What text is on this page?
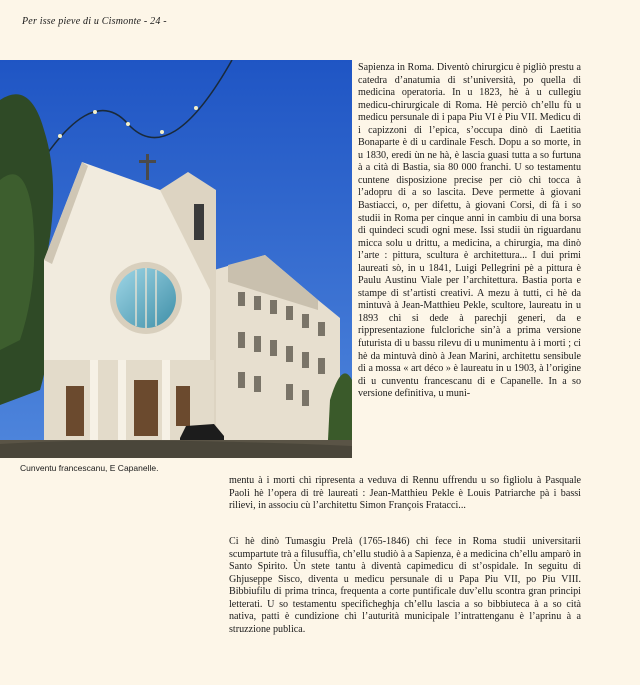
Per isse pieve di u Cismonte - 24 -
Cunventu francescanu, E Capanelle.

Sapienza in Roma. Diventò chirurgicu è pigliò prestu a catedra d’anatumia di st’università, po quella di medicina operatoria. In u 1823, hè à u cullegiu medicu-chirurgicale di Roma. Hè perciò ch’ellu fù u medicu persunale di i papa Piu VI è Piu VII. Medicu di i capizzoni di l’epica, s’occupa dinò di Laetitia Bonaparte è di u cardinale Fesch. Dopu a so morte, in u 1830, eredi ùn ne hà, è lascia guasi tutta a so furtuna à a cità di Bastia, sia 80 000 franchi. U so testamentu cuntene disposizione precise per ciò chì tocca à l’adopru di a so lascita. Deve permette à giovani Bastiacci, o, per difettu, à giovani Corsi, di fà i so studii in Roma per cinque anni in cambiu di una borsa di quindeci scudi ogni mese. Issi studii ùn riguardanu micca solu u drittu, a medicina, a chirurgia, ma dinò l’arte : pittura, scultura è architettura... I dui primi laureati sò, in u 1841, Luigi Pellegrini pè a pittura è Paulu Austinu Viale per l’architettura. Bastia porta e stampe di st’artisti creativi. A mezu à tutti, ci hè da mintuvà à Jean-Matthieu Pekle, scultore, laureatu in u 1893 chì si dede à parechji generi, da e rippresentazione fulcloriche sin’à a prima versione futurista di u bassu rilevu di u munimentu à i morti ; ci hè da mintuvà dinò à Jean Marini, architettu sensibule di a mossa « art déco » è laureatu in u 1903, à l’origine di u cunventu francescanu di e Capanelle. In a so versione definitiva, u muni-

mentu à i morti chì ripresenta a veduva di Rennu uffrendu u so figliolu à Pasquale Paoli hè l’opera di trè laureati : Jean-Matthieu Pekle è Louis Patriarche pà i bassi rilievi, in associu cù l’architettu Simon François Fratacci...

Ci hè dinò Tumasgiu Prelà (1765-1846) chì fece in Roma studii universitarii scumpartute trà a filusuffia, ch’ellu studiò à a Sapienza, è a medicina ch’ellu amparò in Santo Spirito. Ùn stete tantu à diventà capimedicu di st’ospidale. In seguitu di Ghjuseppe Sisco, diventa u medicu persunale di u Papa Piu VII, po Piu VIII. Bibbiufilu di prima trinca, frequenta a corte puntificale duv’ellu scontra gran principi letterati. U so testamentu specificheghja ch’ellu lascia a so bibbiuteca à a so cità nativa, patti è cundizione chì l’auturità municipale l’intrattenganu è l’aprinu à a struzzione publica.
